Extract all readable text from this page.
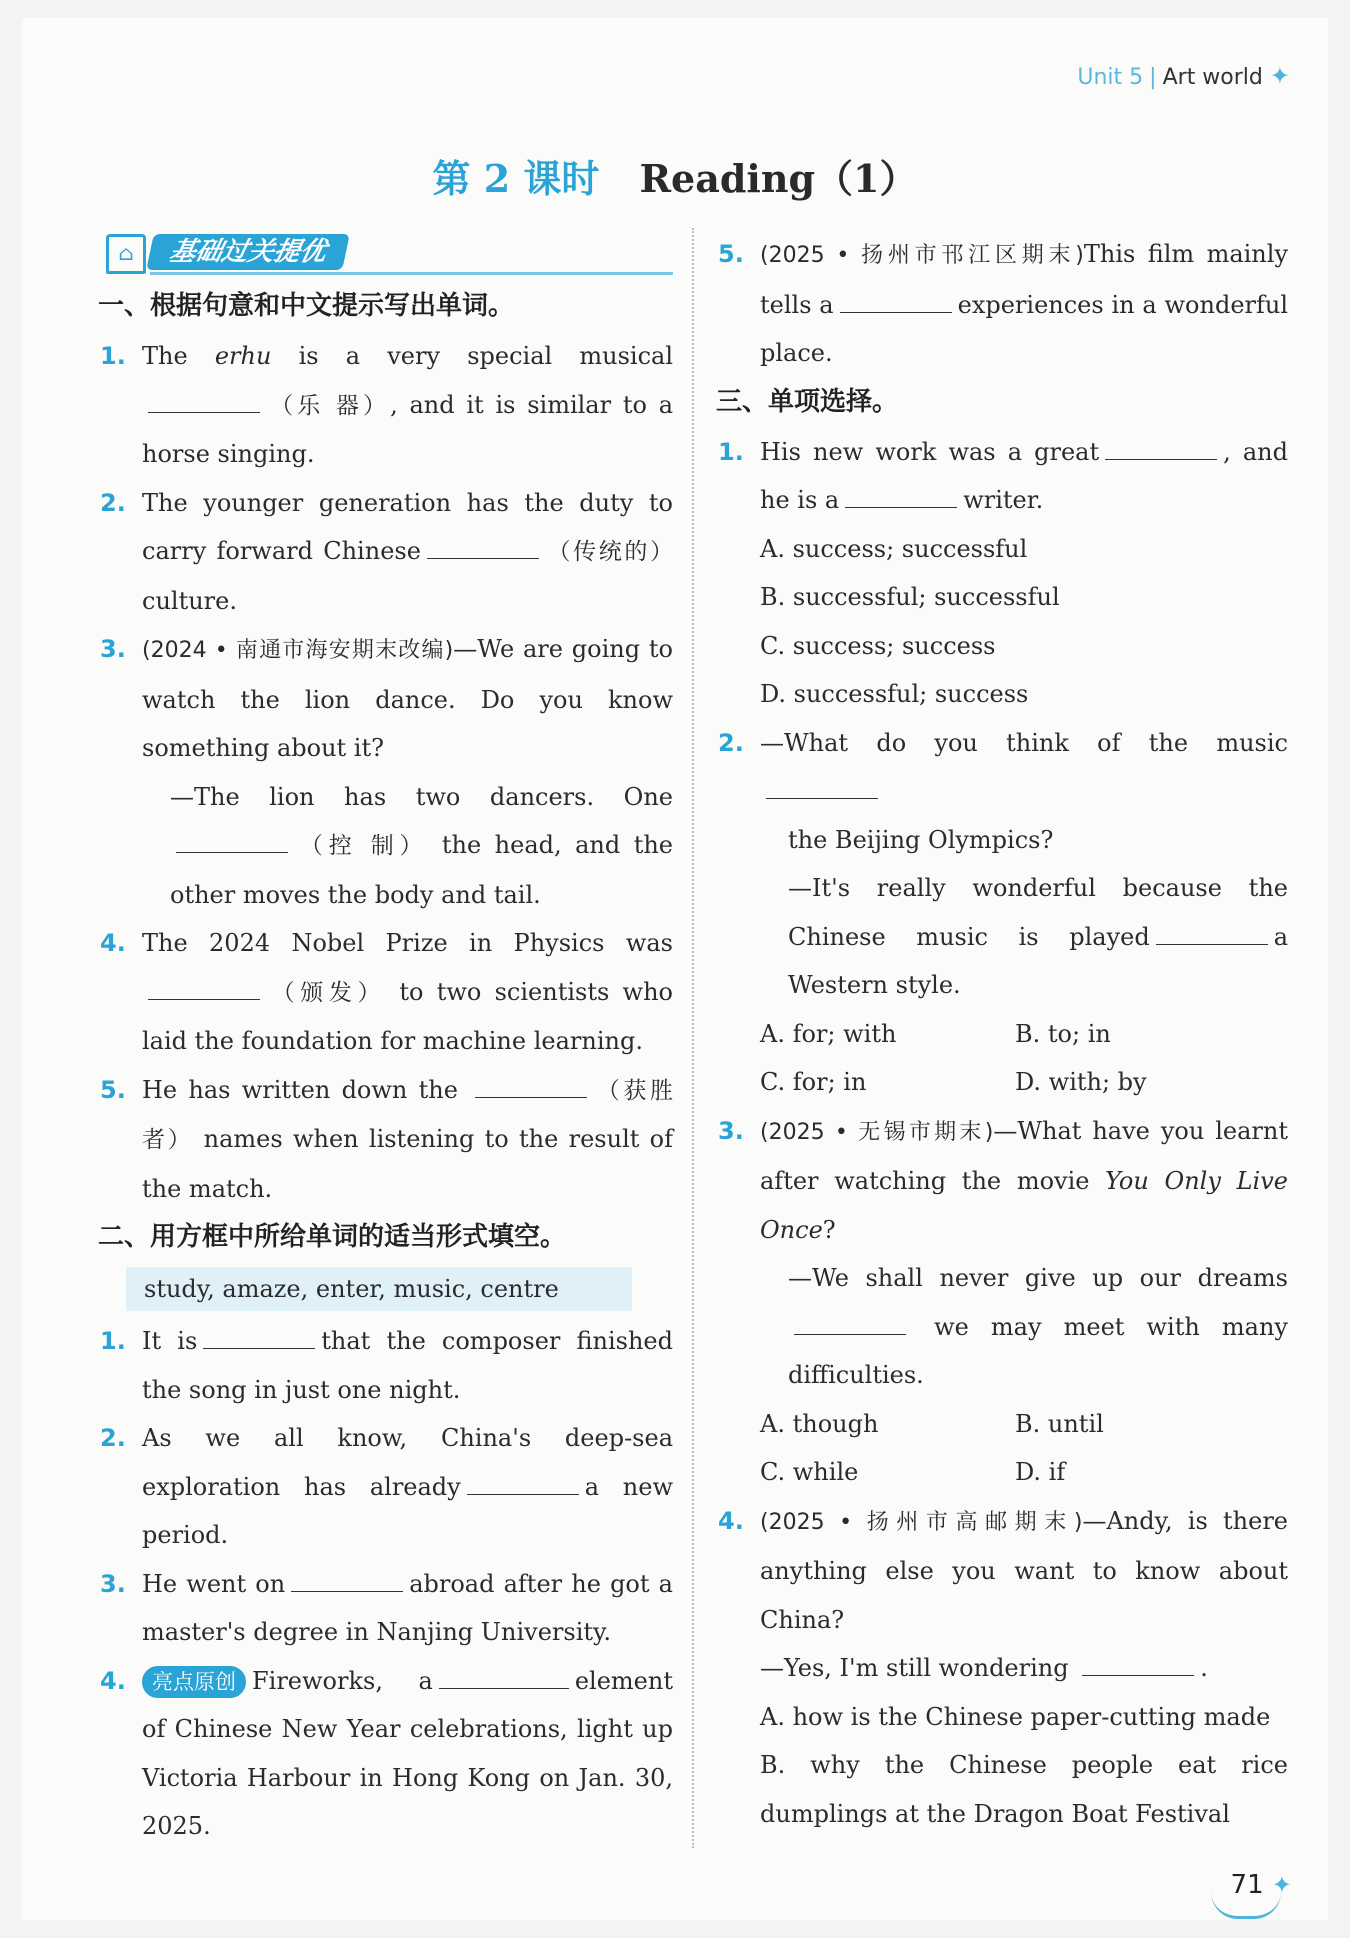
Unit 5 | Art world ✦
第 2 课时 Reading（1）
⌂	基础过关提优
一、根据句意和中文提示写出单词。
1. The erhu is a very special musical（乐 器）, and it is similar to a horse singing.
2. The younger generation has the duty to carry forward Chinese	（传统的） culture.
3. (2024 • 南通市海安期末改编)—We are going to watch the lion dance. Do you know something about it?
—The lion has two dancers. One （控 制） the head, and the other moves the body and tail.
4. The 2024 Nobel Prize in Physics was （颁发） to two scientists who laid the foundation for machine learning.
5. He has written down the	（获胜者） names when listening to the result of the match.
二、用方框中所给单词的适当形式填空。
study, amaze, enter, music, centre
1. It is	that the composer finished the song in just one night.
2. As we all know, China's deep-sea exploration has already	a new period.
3. He went on	abroad after he got a master's degree in Nanjing University.
4. 亮点原创 Fireworks, a	element of Chinese New Year celebrations, light up Victoria Harbour in Hong Kong on Jan. 30, 2025.
5. (2025 • 扬州市邗江区期末)This film mainly tells a	experiences in a wonderful place.
三、单项选择。
1. His new work was a great	, and he is a	writer.
A. success; successful
B. successful; successful
C. success; success
D. successful; success
2. —What do you think of the music
the Beijing Olympics?
—It's really wonderful because the Chinese music is played	a Western style.
A. for; with	B. to; in
C. for; in	D. with; by
3. (2025 • 无锡市期末)—What have you learnt after watching the movie You Only Live Once?
—We shall never give up our dreams  we may meet with many difficulties.
A. though	B. until
C. while	D. if
4. (2025 • 扬州市高邮期末)—Andy, is there anything else you want to know about China?
—Yes, I'm still wondering	.
A. how is the Chinese paper-cutting made
B. why the Chinese people eat rice dumplings at the Dragon Boat Festival
71 ✦
